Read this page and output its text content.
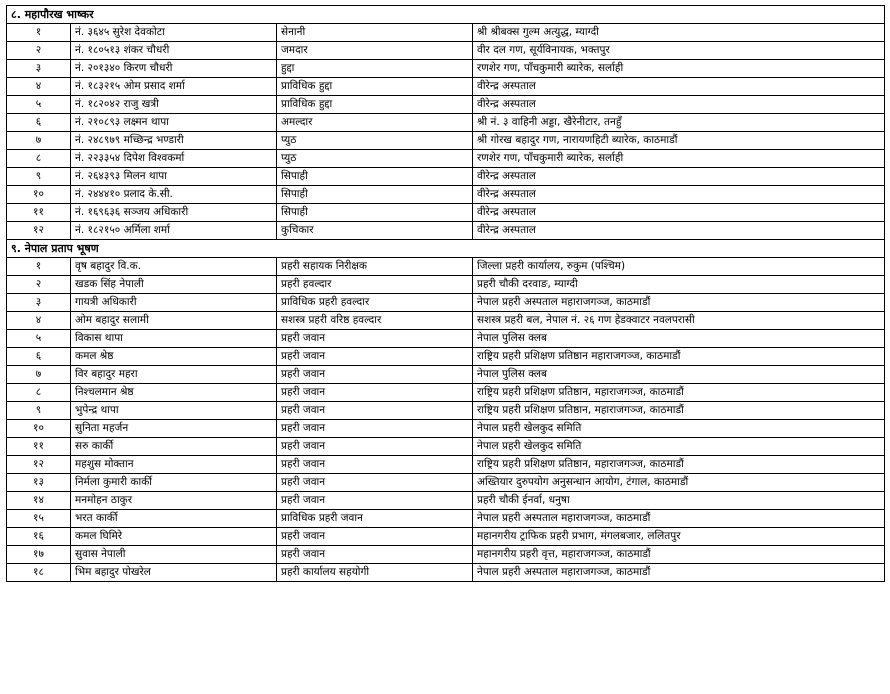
८. महापौरख भाष्कर			
१	नं. ३६४५ सुरेश देवकोटा	सेनानी	श्री श्रीबक्स गुल्म अत्युद्ध, म्याग्दी
२	नं. १८०५१३ शंकर चौधरी	जमदार	वीर दल गण, सूर्यविनायक, भक्तपुर
३	नं. २०१३४० किरण चौधरी	हुद्दा	रणशेर गण, पाँचकुमारी ब्यारेक, सर्लाही
४	नं. १८३२१५ ओम प्रसाद शर्मा	प्राविधिक हुद्दा	वीरेन्द्र अस्पताल
५	नं. १८२०४२ राजु खत्री	प्राविधिक हुद्दा	वीरेन्द्र अस्पताल
६	नं. २१०८९३ लक्ष्मन थापा	अमल्दार	श्री नं. ३ वाहिनी अड्डा, खैरेनीटार, तनहुँ
७	नं. २४८९७९ मच्छिन्द्र भण्डारी	प्युठ	श्री गोरख बहादुर गण, नारायणहिटी ब्यारेक, काठमाडौं
८	नं. २२३३५४ दिपेश विश्वकर्मा	प्युठ	रणशेर गण, पाँचकुमारी ब्यारेक, सर्लाही
९	नं. २६४३९३ मिलन थापा	सिपाही	वीरेन्द्र अस्पताल
१०	नं. २४४४१० प्रलाद के.सी.	सिपाही	वीरेन्द्र अस्पताल
११	नं. १६९६३६ सञ्जय अधिकारी	सिपाही	वीरेन्द्र अस्पताल
१२	नं. १८२१५० अर्मिला शर्मा	कुचिकार	वीरेन्द्र अस्पताल
९. नेपाल प्रताप भूषण			
१	वृष बहादुर वि.क.	प्रहरी सहायक निरीक्षक	जिल्ला प्रहरी कार्यालय, रुकुम (पश्चिम)
२	खडक सिंह नेपाली	प्रहरी हवल्दार	प्रहरी चौकी दरवाङ, म्याग्दी
३	गायत्री अधिकारी	प्राविधिक प्रहरी हवल्दार	नेपाल प्रहरी अस्पताल महाराजगञ्ज, काठमाडौं
४	ओम बहादुर सलामी	सशस्त्र प्रहरी वरिष्ठ हवल्दार	सशस्त्र प्रहरी बल, नेपाल नं. २६ गण हेडक्वाटर नवलपरासी
५	विकास थापा	प्रहरी जवान	नेपाल पुलिस क्लब
६	कमल श्रेष्ठ	प्रहरी जवान	राष्ट्रिय प्रहरी प्रशिक्षण प्रतिष्ठान महाराजगञ्ज, काठमाडौं
७	विर बहादुर महरा	प्रहरी जवान	नेपाल पुलिस क्लब
८	निश्चलमान श्रेष्ठ	प्रहरी जवान	राष्ट्रिय प्रहरी प्रशिक्षण प्रतिष्ठान, महाराजगञ्ज, काठमाडौं
९	भुपेन्द्र थापा	प्रहरी जवान	राष्ट्रिय प्रहरी प्रशिक्षण प्रतिष्ठान, महाराजगञ्ज, काठमाडौं
१०	सुनिता महर्जन	प्रहरी जवान	नेपाल प्रहरी खेलकुद समिति
११	सरु कार्की	प्रहरी जवान	नेपाल प्रहरी खेलकुद समिति
१२	महशुस मोक्तान	प्रहरी जवान	राष्ट्रिय प्रहरी प्रशिक्षण प्रतिष्ठान, महाराजगञ्ज, काठमाडौं
१३	निर्मला कुमारी कार्की	प्रहरी जवान	अख्तियार दुरुपयोग अनुसन्धान आयोग, टंगाल, काठमाडौं
१४	मनमोहन ठाकुर	प्रहरी जवान	प्रहरी चौकी ईनर्वा, धनुषा
१५	भरत कार्की	प्राविधिक प्रहरी जवान	नेपाल प्रहरी अस्पताल महाराजगञ्ज, काठमाडौं
१६	कमल घिमिरे	प्रहरी जवान	महानगरीय ट्राफिक प्रहरी प्रभाग, मंगलबजार, ललितपुर
१७	सुवास नेपाली	प्रहरी जवान	महानगरीय प्रहरी वृत्त, महाराजगञ्ज, काठमाडौं
१८	भिम बहादुर पोखरेल	प्रहरी कार्यालय सहयोगी	नेपाल प्रहरी अस्पताल महाराजगञ्ज, काठमाडौं
